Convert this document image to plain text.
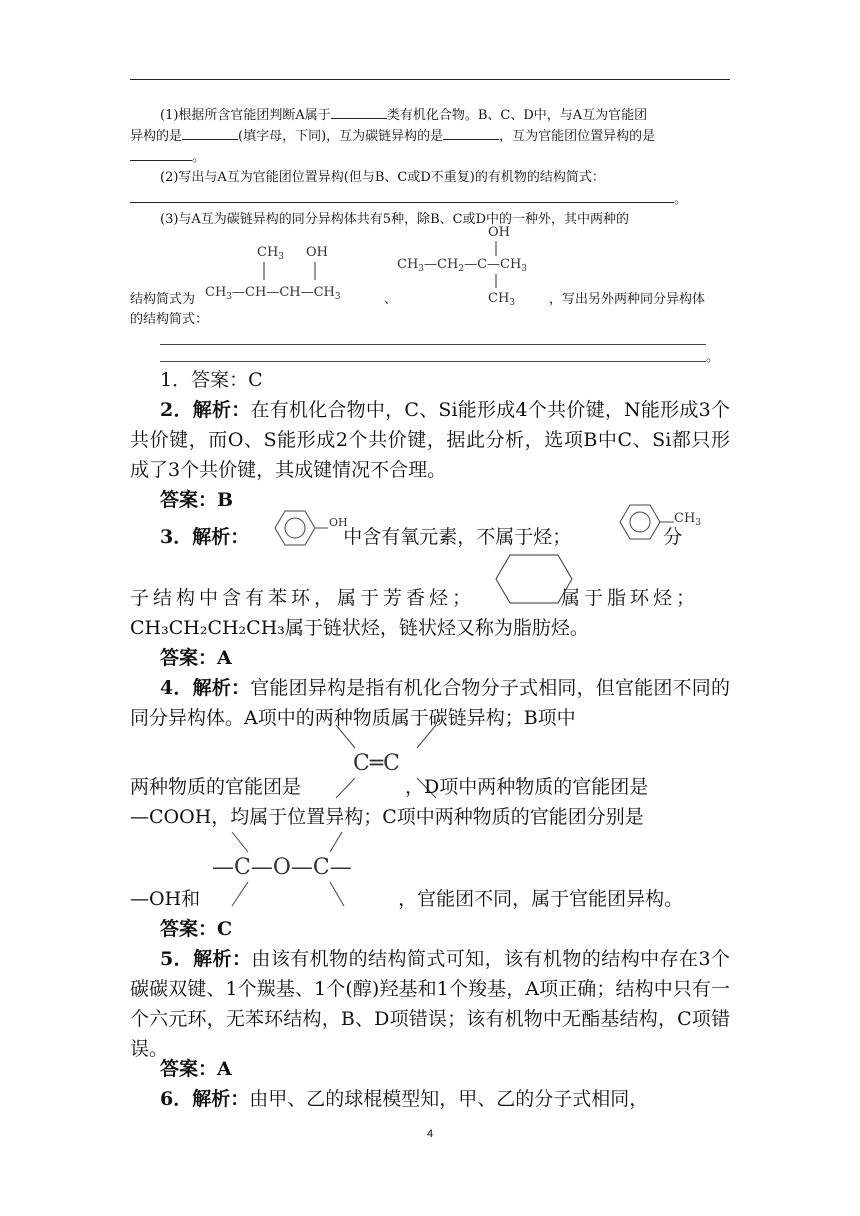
(1)根据所含官能团判断A属于	类有机化合物。B、C、D中，与A互为官能团
异构的是	(填字母，下同)，互为碳链异构的是	，互为官能团位置异构的是
。
(2)写出与A互为官能团位置异构(但与B、C或D不重复)的有机物的结构简式：
。
(3)与A互为碳链异构的同分异构体共有5种，除B、C或D中的一种外，其中两种的
$CH_3$ OH
$CH_3—CH—CH—CH_3$
OH
$CH_3—CH_2—C—CH_3$
$CH_3$
结构简式为	、	，写出另外两种同分异构体
的结构简式：
。
1．答案：C
2．解析：在有机化合物中，C、Si能形成4个共价键，N能形成3个共价键，而O、S能形成2个共价键，据此分析，选项B中C、Si都只形成了3个共价键，其成键情况不合理。
答案：B
3．解析：	中含有氧元素，不属于烃；	分
OH	$CH_3$
子结构中含有苯环，属于芳香烃；	属于脂环烃；
CH₃CH₂CH₂CH₃属于链状烃，链状烃又称为脂肪烃。
答案：A
4．解析：官能团异构是指有机化合物分子式相同，但官能团不同的同分异构体。A项中的两种物质属于碳链异构；B项中
C═C
两种物质的官能团是	，D项中两种物质的官能团是
—COOH，均属于位置异构；C项中两种物质的官能团分别是
—C—O—C—
—OH和	，官能团不同，属于官能团异构。
答案：C
5．解析：由该有机物的结构简式可知，该有机物的结构中存在3个碳碳双键、1个羰基、1个(醇)羟基和1个羧基，A项正确；结构中只有一个六元环，无苯环结构，B、D项错误；该有机物中无酯基结构，C项错误。
答案：A
6．解析：由甲、乙的球棍模型知，甲、乙的分子式相同，
4
